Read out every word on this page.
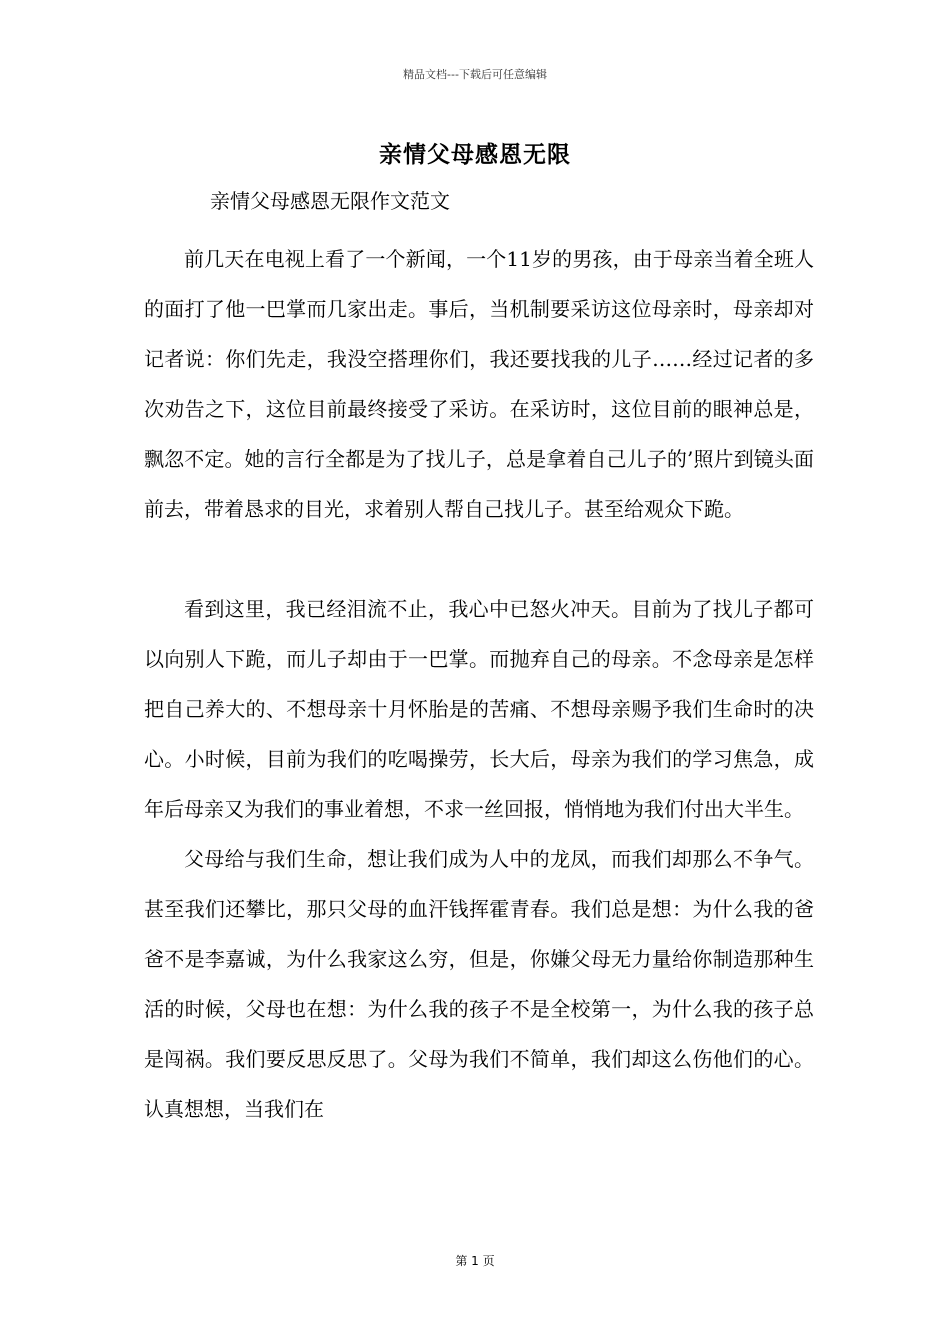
精品文档---下载后可任意编辑
亲情父母感恩无限
亲情父母感恩无限作文范文

前几天在电视上看了一个新闻，一个11岁的男孩，由于母亲当着全班人的面打了他一巴掌而几家出走。事后，当机制要采访这位母亲时，母亲却对记者说：你们先走，我没空搭理你们，我还要找我的儿子……经过记者的多次劝告之下，这位目前最终接受了采访。在采访时，这位目前的眼神总是，飘忽不定。她的言行全都是为了找儿子，总是拿着自己儿子的’照片到镜头面前去，带着恳求的目光，求着别人帮自己找儿子。甚至给观众下跪。

看到这里，我已经泪流不止，我心中已怒火冲天。目前为了找儿子都可以向别人下跪，而儿子却由于一巴掌。而抛弃自己的母亲。不念母亲是怎样把自己养大的、不想母亲十月怀胎是的苦痛、不想母亲赐予我们生命时的决心。小时候，目前为我们的吃喝操劳，长大后，母亲为我们的学习焦急，成年后母亲又为我们的事业着想，不求一丝回报，悄悄地为我们付出大半生。

父母给与我们生命，想让我们成为人中的龙凤，而我们却那么不争气。甚至我们还攀比，那只父母的血汗钱挥霍青春。我们总是想：为什么我的爸爸不是李嘉诚，为什么我家这么穷，但是，你嫌父母无力量给你制造那种生活的时候，父母也在想：为什么我的孩子不是全校第一，为什么我的孩子总是闯祸。我们要反思反思了。父母为我们不简单，我们却这么伤他们的心。认真想想，当我们在

第 1 页
